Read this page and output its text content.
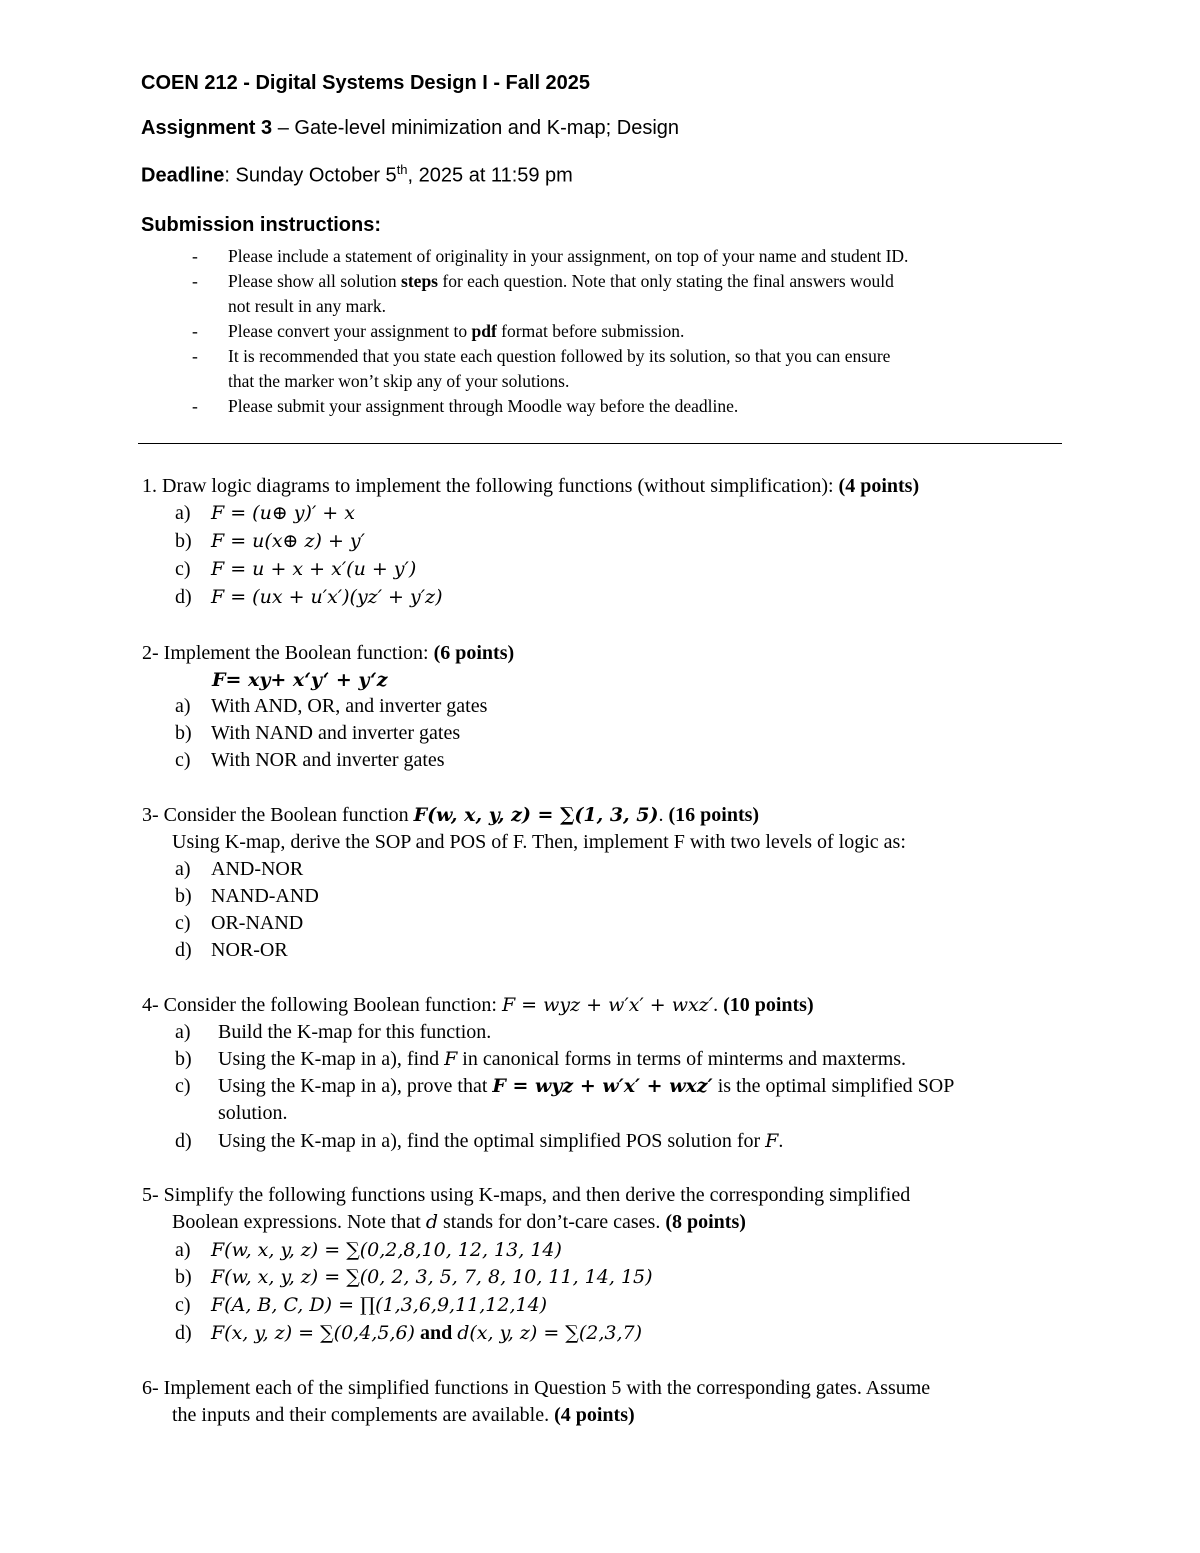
COEN 212 - Digital Systems Design I - Fall 2025
Assignment 3 – Gate-level minimization and K-map; Design
Deadline: Sunday October 5th, 2025 at 11:59 pm
Submission instructions:
- Please include a statement of originality in your assignment, on top of your name and student ID.
- Please show all solution steps for each question. Note that only stating the final answers would
not result in any mark.
- Please convert your assignment to pdf format before submission.
- It is recommended that you state each question followed by its solution, so that you can ensure
that the marker won’t skip any of your solutions.
- Please submit your assignment through Moodle way before the deadline.
1. Draw logic diagrams to implement the following functions (without simplification): (4 points)
a) F = (u⊕ y)′ + x
b) F = u(x⊕ z) + y′
c) F = u + x + x′(u + y′)
d) F = (ux + u′x′)(yz′ + y′z)
2- Implement the Boolean function: (6 points)
F= xy+ x‘y‘ + y‘z
a) With AND, OR, and inverter gates
b) With NAND and inverter gates
c) With NOR and inverter gates
3- Consider the Boolean function F(w, x, y, z) = ∑(1, 3, 5). (16 points)
Using K-map, derive the SOP and POS of F. Then, implement F with two levels of logic as:
a) AND-NOR
b) NAND-AND
c) OR-NAND
d) NOR-OR
4- Consider the following Boolean function: F = wyz + w′x′ + wxz′. (10 points)
a) Build the K-map for this function.
b) Using the K-map in a), find F in canonical forms in terms of minterms and maxterms.
c) Using the K-map in a), prove that F = wyz + w′x′ + wxz′ is the optimal simplified SOP
solution.
d) Using the K-map in a), find the optimal simplified POS solution for F.
5- Simplify the following functions using K-maps, and then derive the corresponding simplified
Boolean expressions. Note that d stands for don’t-care cases. (8 points)
a) F(w, x, y, z) = ∑(0,2,8,10, 12, 13, 14)
b) F(w, x, y, z) = ∑(0, 2, 3, 5, 7, 8, 10, 11, 14, 15)
c) F(A, B, C, D) = ∏(1,3,6,9,11,12,14)
d) F(x, y, z) = ∑(0,4,5,6) and d(x, y, z) = ∑(2,3,7)
6- Implement each of the simplified functions in Question 5 with the corresponding gates. Assume
the inputs and their complements are available. (4 points)
